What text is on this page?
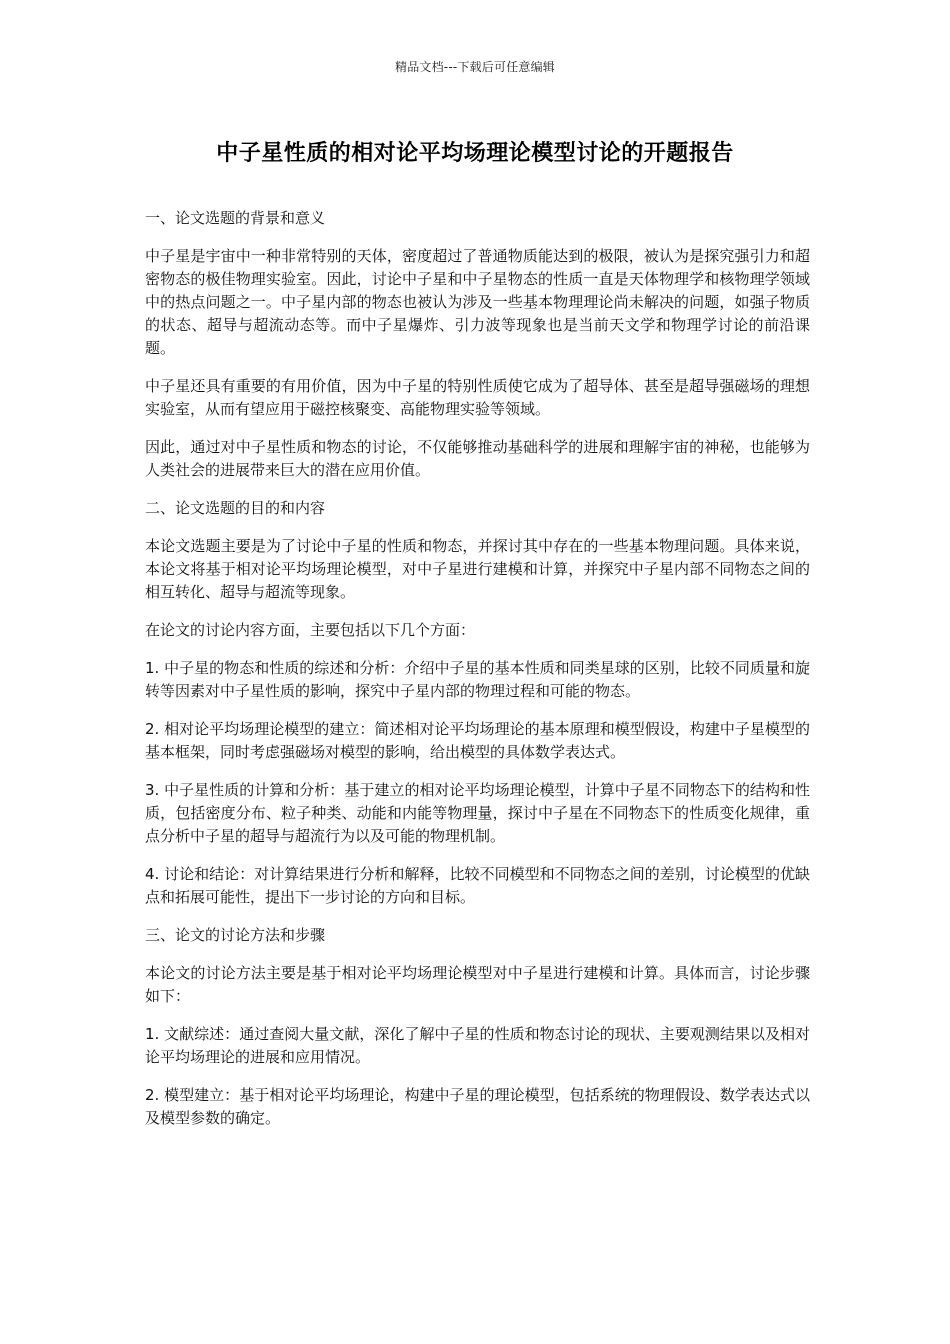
精品文档---下载后可任意编辑
中子星性质的相对论平均场理论模型讨论的开题报告

一、论文选题的背景和意义

中子星是宇宙中一种非常特别的天体，密度超过了普通物质能达到的极限，被认为是探究强引力和超密物态的极佳物理实验室。因此，讨论中子星和中子星物态的性质一直是天体物理学和核物理学领域中的热点问题之一。中子星内部的物态也被认为涉及一些基本物理理论尚未解决的问题，如强子物质的状态、超导与超流动态等。而中子星爆炸、引力波等现象也是当前天文学和物理学讨论的前沿课题。

中子星还具有重要的有用价值，因为中子星的特别性质使它成为了超导体、甚至是超导强磁场的理想实验室，从而有望应用于磁控核聚变、高能物理实验等领域。

因此，通过对中子星性质和物态的讨论，不仅能够推动基础科学的进展和理解宇宙的神秘，也能够为人类社会的进展带来巨大的潜在应用价值。

二、论文选题的目的和内容

本论文选题主要是为了讨论中子星的性质和物态，并探讨其中存在的一些基本物理问题。具体来说，本论文将基于相对论平均场理论模型，对中子星进行建模和计算，并探究中子星内部不同物态之间的相互转化、超导与超流等现象。

在论文的讨论内容方面，主要包括以下几个方面：

1. 中子星的物态和性质的综述和分析：介绍中子星的基本性质和同类星球的区别，比较不同质量和旋转等因素对中子星性质的影响，探究中子星内部的物理过程和可能的物态。

2. 相对论平均场理论模型的建立：简述相对论平均场理论的基本原理和模型假设，构建中子星模型的基本框架，同时考虑强磁场对模型的影响，给出模型的具体数学表达式。

3. 中子星性质的计算和分析：基于建立的相对论平均场理论模型，计算中子星不同物态下的结构和性质，包括密度分布、粒子种类、动能和内能等物理量，探讨中子星在不同物态下的性质变化规律，重点分析中子星的超导与超流行为以及可能的物理机制。

4. 讨论和结论：对计算结果进行分析和解释，比较不同模型和不同物态之间的差别，讨论模型的优缺点和拓展可能性，提出下一步讨论的方向和目标。

三、论文的讨论方法和步骤

本论文的讨论方法主要是基于相对论平均场理论模型对中子星进行建模和计算。具体而言，讨论步骤如下：

1. 文献综述：通过查阅大量文献，深化了解中子星的性质和物态讨论的现状、主要观测结果以及相对论平均场理论的进展和应用情况。

2. 模型建立：基于相对论平均场理论，构建中子星的理论模型，包括系统的物理假设、数学表达式以及模型参数的确定。
